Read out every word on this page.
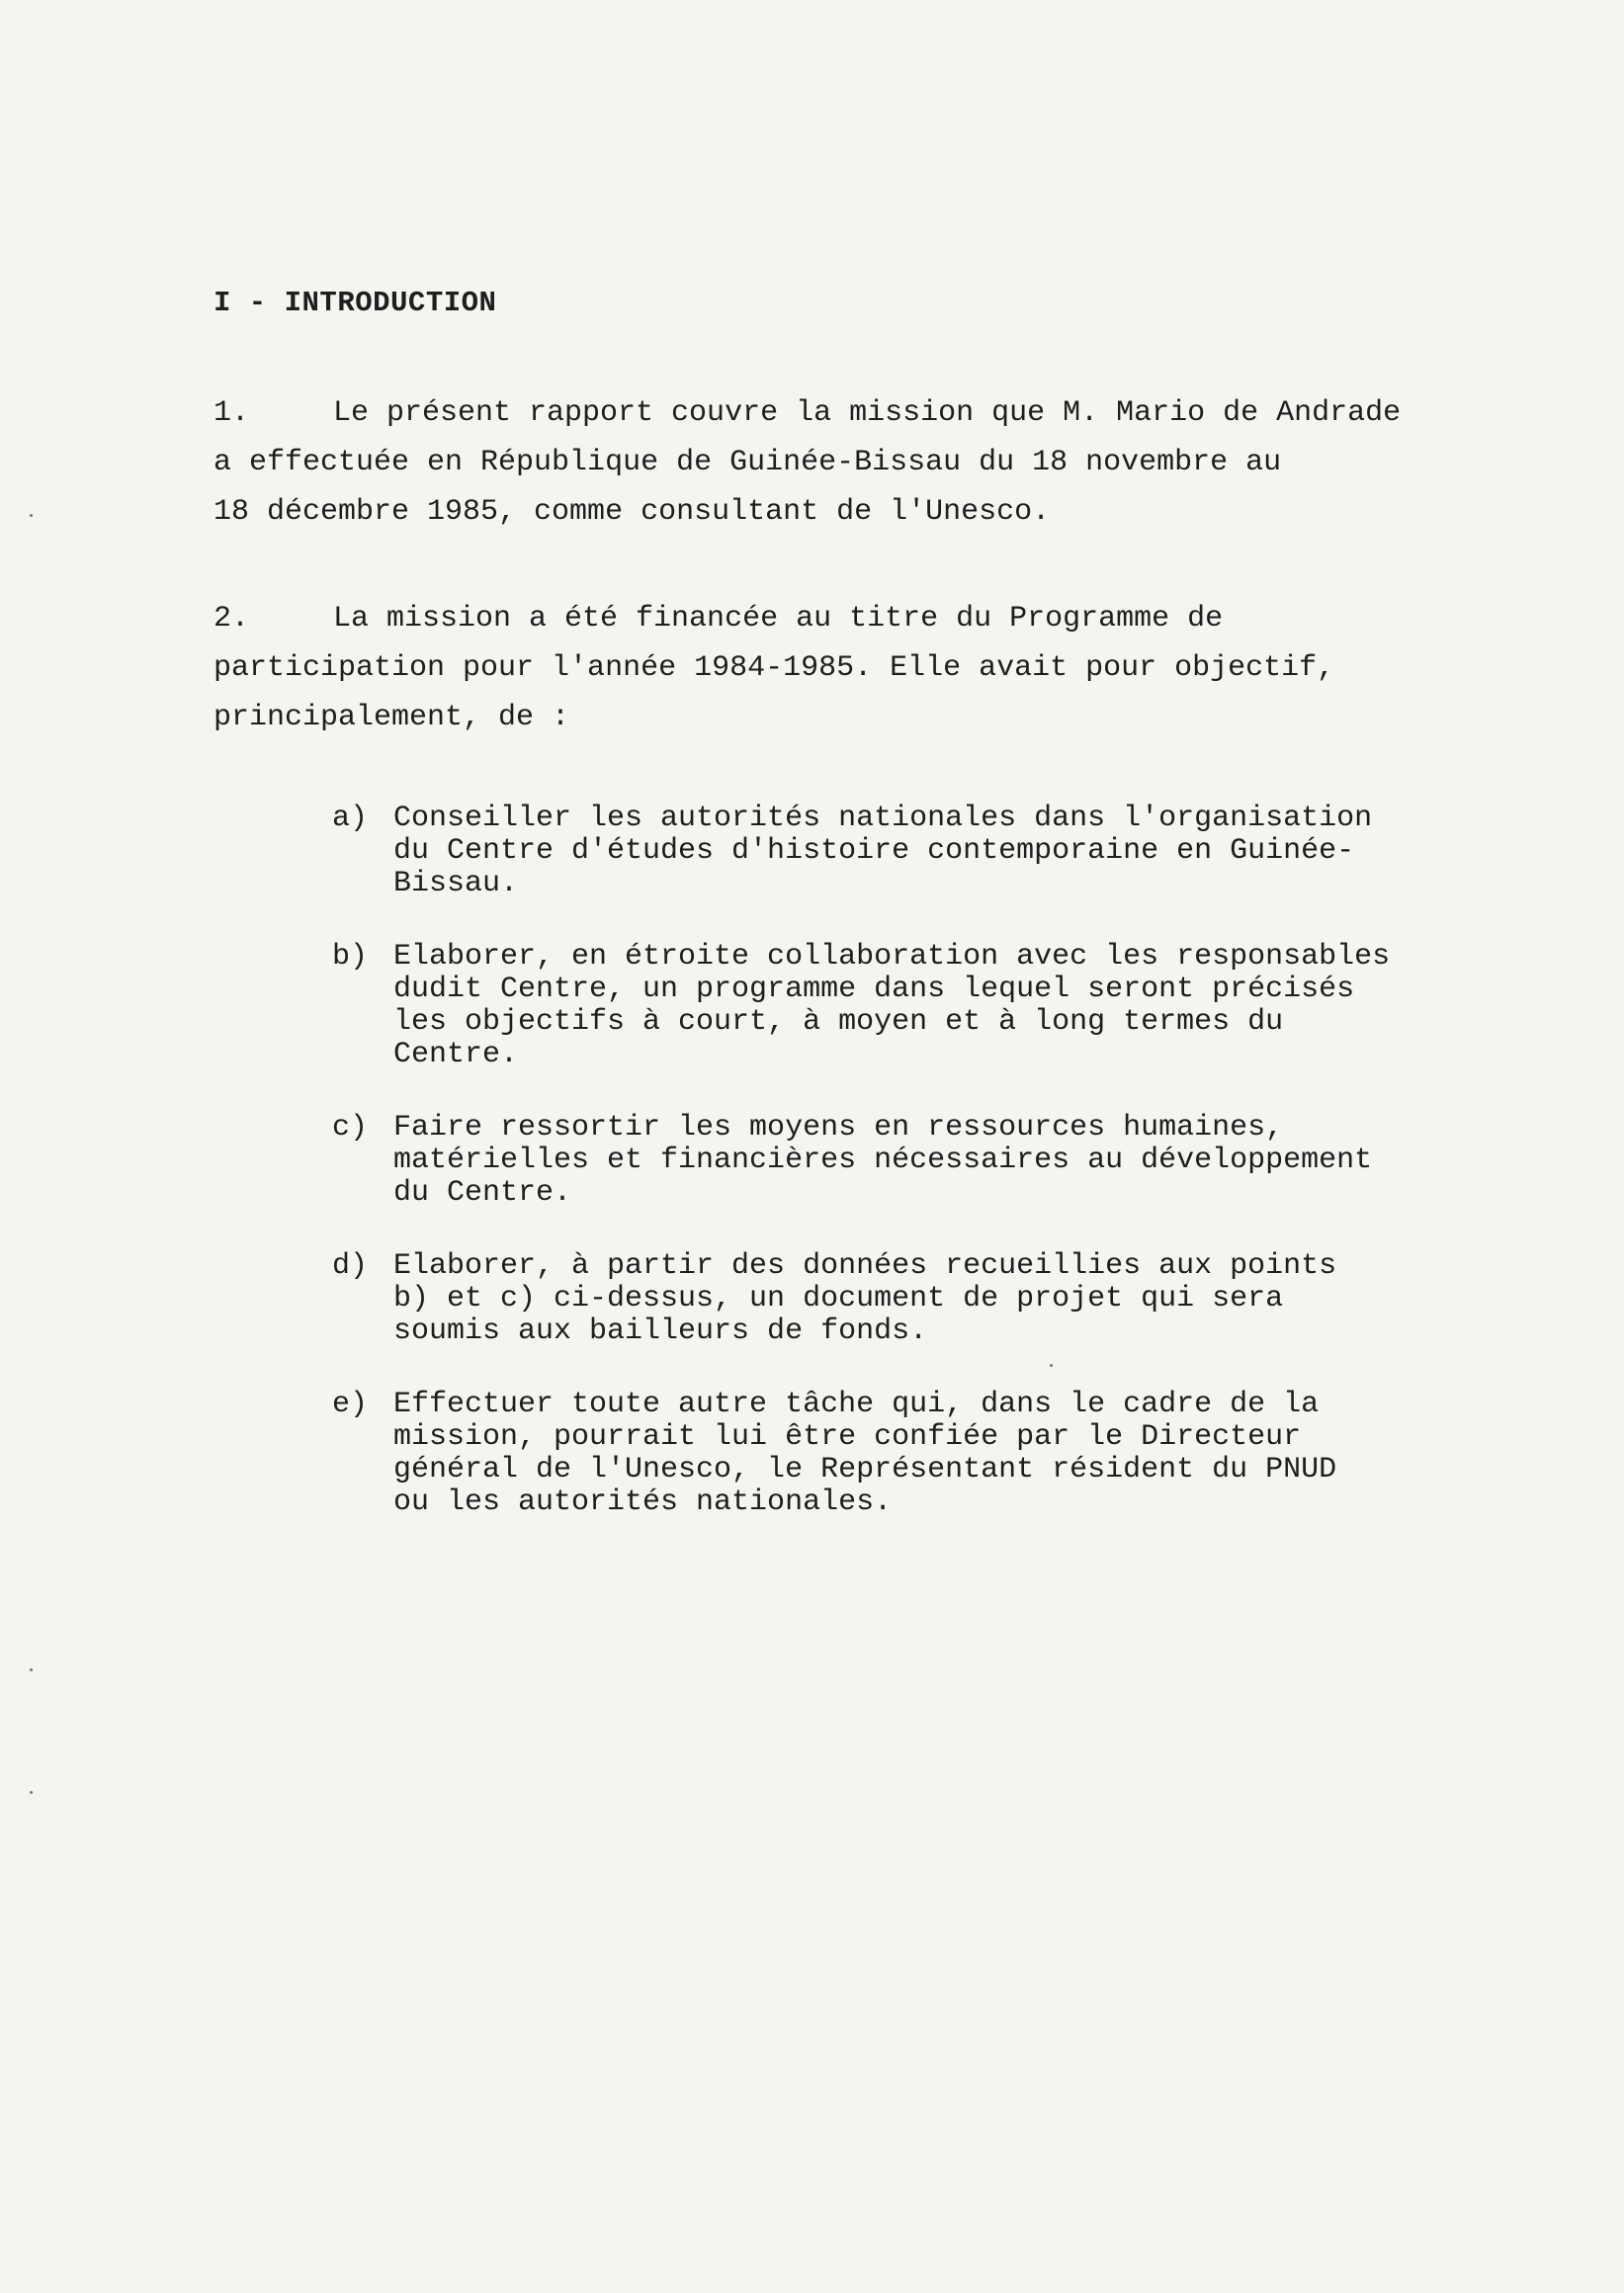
I - INTRODUCTION
1.	Le présent rapport couvre la mission que M. Mario de Andrade
a effectuée en République de Guinée-Bissau du 18 novembre au
18 décembre 1985, comme consultant de l'Unesco.
2.	La mission a été financée au titre du Programme de
participation pour l'année 1984-1985. Elle avait pour objectif,
principalement, de :
a) Conseiller les autorités nationales dans l'organisation
du Centre d'études d'histoire contemporaine en Guinée-
Bissau.
b) Elaborer, en étroite collaboration avec les responsables
dudit Centre, un programme dans lequel seront précisés
les objectifs à court, à moyen et à long termes du
Centre.
c) Faire ressortir les moyens en ressources humaines,
matérielles et financières nécessaires au développement
du Centre.
d) Elaborer, à partir des données recueillies aux points
b) et c) ci-dessus, un document de projet qui sera
soumis aux bailleurs de fonds.
e) Effectuer toute autre tâche qui, dans le cadre de la
mission, pourrait lui être confiée par le Directeur
général de l'Unesco, le Représentant résident du PNUD
ou les autorités nationales.
